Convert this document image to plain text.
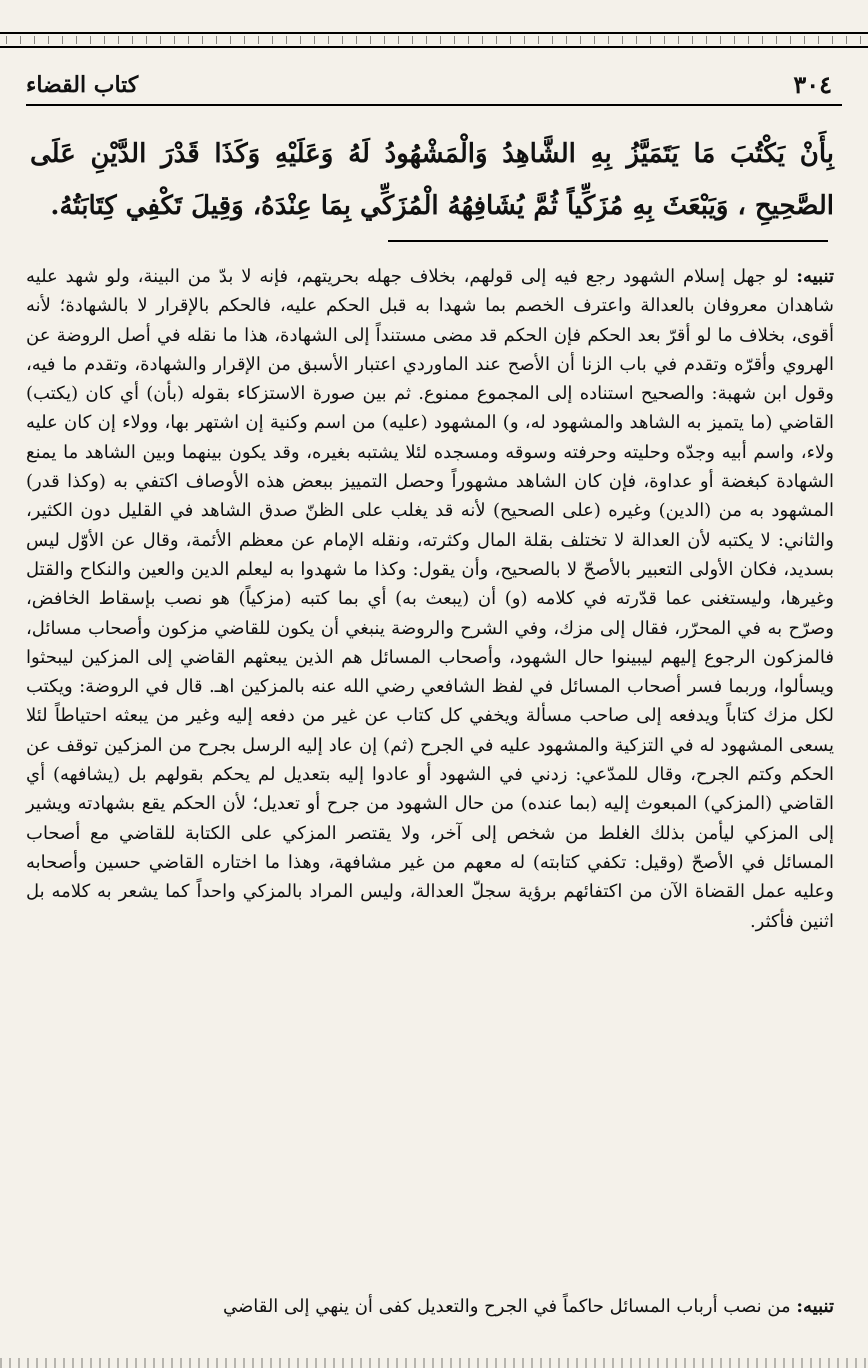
٣٠٤
كتاب القضاء

بِأَنْ يَكْتُبَ مَا يَتَمَيَّزُ بِهِ الشَّاهِدُ وَالْمَشْهُودُ لَهُ وَعَلَيْهِ وَكَذَا قَدْرَ الدَّيْنِ عَلَى الصَّحِيحِ ، وَيَبْعَثَ بِهِ مُزَكِّياً ثُمَّ يُشَافِهُهُ الْمُزَكِّي بِمَا عِنْدَهُ، وَقِيلَ تَكْفِي كِتَابَتُهُ.

تنبيه: لو جهل إسلام الشهود رجع فيه إلى قولهم، بخلاف جهله بحريتهم، فإنه لا بدّ من البينة، ولو شهد عليه شاهدان معروفان بالعدالة واعترف الخصم بما شهدا به قبل الحكم عليه، فالحكم بالإقرار لا بالشهادة؛ لأنه أقوى، بخلاف ما لو أقرّ بعد الحكم فإن الحكم قد مضى مستنداً إلى الشهادة، هذا ما نقله في أصل الروضة عن الهروي وأقرّه وتقدم في باب الزنا أن الأصح عند الماوردي اعتبار الأسبق من الإقرار والشهادة، وتقدم ما فيه، وقول ابن شهبة: والصحيح استناده إلى المجموع ممنوع. ثم بين صورة الاستزكاء بقوله (بأن) أي كان (يكتب) القاضي (ما يتميز به الشاهد والمشهود له، و) المشهود (عليه) من اسم وكنية إن اشتهر بها، وولاء إن كان عليه ولاء، واسم أبيه وجدّه وحليته وحرفته وسوقه ومسجده لئلا يشتبه بغيره، وقد يكون بينهما وبين الشاهد ما يمنع الشهادة كبغضة أو عداوة، فإن كان الشاهد مشهوراً وحصل التمييز ببعض هذه الأوصاف اكتفي به (وكذا قدر) المشهود به من (الدين) وغيره (على الصحيح) لأنه قد يغلب على الظنّ صدق الشاهد في القليل دون الكثير، والثاني: لا يكتبه لأن العدالة لا تختلف بقلة المال وكثرته، ونقله الإمام عن معظم الأئمة، وقال عن الأوّل ليس بسديد، فكان الأولى التعبير بالأصحّ لا بالصحيح، وأن يقول: وكذا ما شهدوا به ليعلم الدين والعين والنكاح والقتل وغيرها، وليستغنى عما قدّرته في كلامه (و) أن (يبعث به) أي بما كتبه (مزكياً) هو نصب بإسقاط الخافض، وصرّح به في المحرّر، فقال إلى مزك، وفي الشرح والروضة ينبغي أن يكون للقاضي مزكون وأصحاب مسائل، فالمزكون الرجوع إليهم ليبينوا حال الشهود، وأصحاب المسائل هم الذين يبعثهم القاضي إلى المزكين ليبحثوا ويسألوا، وربما فسر أصحاب المسائل في لفظ الشافعي رضي الله عنه بالمزكين اهـ. قال في الروضة: ويكتب لكل مزك كتاباً ويدفعه إلى صاحب مسألة ويخفي كل كتاب عن غير من دفعه إليه وغير من يبعثه احتياطاً لئلا يسعى المشهود له في التزكية والمشهود عليه في الجرح (ثم) إن عاد إليه الرسل بجرح من المزكين توقف عن الحكم وكتم الجرح، وقال للمدّعي: زدني في الشهود أو عادوا إليه بتعديل لم يحكم بقولهم بل (يشافهه) أي القاضي (المزكي) المبعوث إليه (بما عنده) من حال الشهود من جرح أو تعديل؛ لأن الحكم يقع بشهادته ويشير إلى المزكي ليأمن بذلك الغلط من شخص إلى آخر، ولا يقتصر المزكي على الكتابة للقاضي مع أصحاب المسائل في الأصحّ (وقيل: تكفي كتابته) له معهم من غير مشافهة، وهذا ما اختاره القاضي حسين وأصحابه وعليه عمل القضاة الآن من اكتفائهم برؤية سجلّ العدالة، وليس المراد بالمزكي واحداً كما يشعر به كلامه بل اثنين فأكثر.

تنبيه: من نصب أرباب المسائل حاكماً في الجرح والتعديل كفى أن ينهي إلى القاضي
